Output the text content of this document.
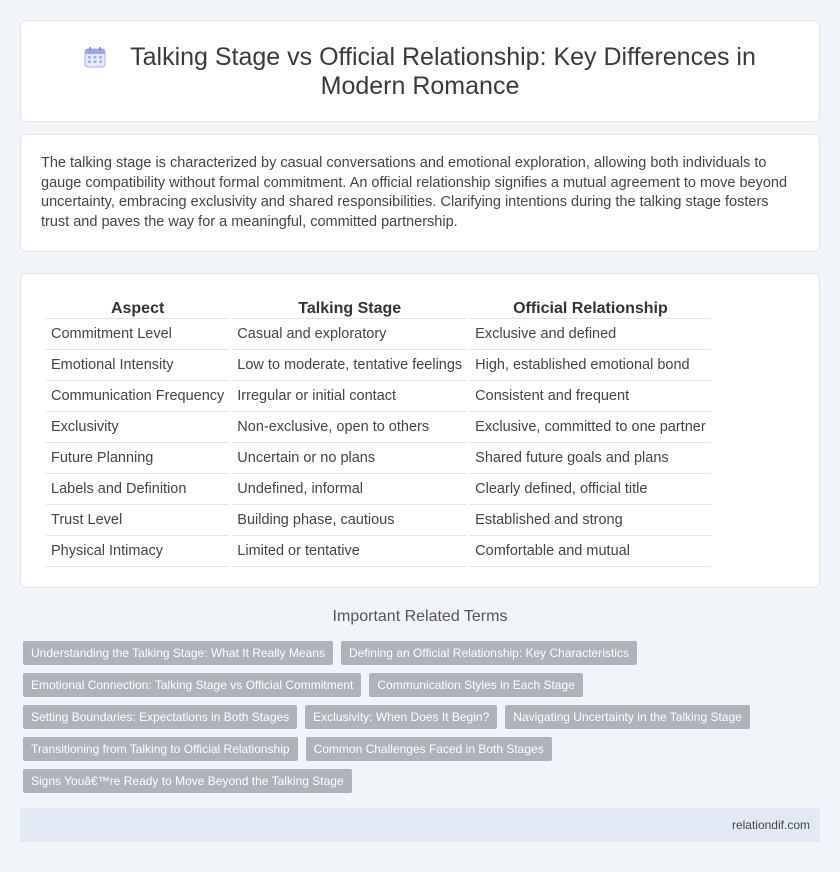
Talking Stage vs Official Relationship: Key Differences in Modern Romance

The talking stage is characterized by casual conversations and emotional exploration, allowing both individuals to gauge compatibility without formal commitment. An official relationship signifies a mutual agreement to move beyond uncertainty, embracing exclusivity and shared responsibilities. Clarifying intentions during the talking stage fosters trust and paves the way for a meaningful, committed partnership.

Aspect	Talking Stage	Official Relationship
Commitment Level	Casual and exploratory	Exclusive and defined
Emotional Intensity	Low to moderate, tentative feelings	High, established emotional bond
Communication Frequency	Irregular or initial contact	Consistent and frequent
Exclusivity	Non-exclusive, open to others	Exclusive, committed to one partner
Future Planning	Uncertain or no plans	Shared future goals and plans
Labels and Definition	Undefined, informal	Clearly defined, official title
Trust Level	Building phase, cautious	Established and strong
Physical Intimacy	Limited or tentative	Comfortable and mutual
Important Related Terms
Understanding the Talking Stage: What It Really Means	Defining an Official Relationship: Key Characteristics
Emotional Connection: Talking Stage vs Official Commitment	Communication Styles in Each Stage
Setting Boundaries: Expectations in Both Stages	Exclusivity: When Does It Begin?	Navigating Uncertainty in the Talking Stage
Transitioning from Talking to Official Relationship	Common Challenges Faced in Both Stages
Signs Youâ€™re Ready to Move Beyond the Talking Stage
relationdif.com
